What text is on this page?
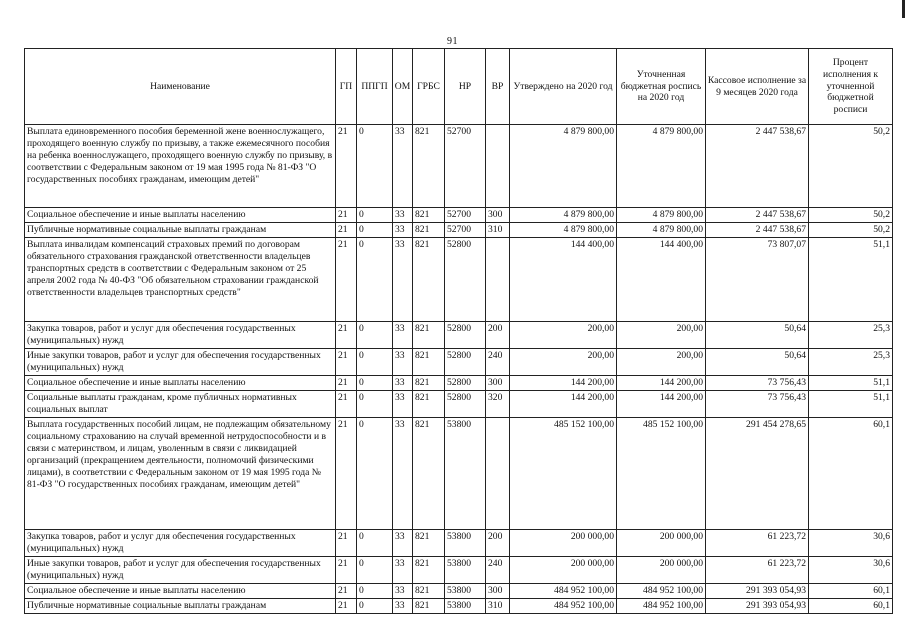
91
Наименование	ГП	ППГП	ОМ	ГРБС	НР	ВР	Утверждено на 2020 год	Уточненная бюджетная роспись на 2020 год	Кассовое исполнение за 9 месяцев 2020 года	Процент исполнения к уточненной бюджетной росписи
Выплата единовременного пособия беременной жене военнослужащего, проходящего военную службу по призыву, а также ежемесячного пособия на ребенка военнослужащего, проходящего военную службу по призыву, в соответствии с Федеральным законом от 19 мая 1995 года № 81-ФЗ "О государственных пособиях гражданам, имеющим детей"	21	0	33	821	52700		4 879 800,00	4 879 800,00	2 447 538,67	50,2
Социальное обеспечение и иные выплаты населению	21	0	33	821	52700	300	4 879 800,00	4 879 800,00	2 447 538,67	50,2
Публичные нормативные социальные выплаты гражданам	21	0	33	821	52700	310	4 879 800,00	4 879 800,00	2 447 538,67	50,2
Выплата инвалидам компенсаций страховых премий по договорам обязательного страхования гражданской ответственности владельцев транспортных средств в соответствии с Федеральным законом от 25 апреля 2002 года № 40-ФЗ "Об обязательном страховании гражданской ответственности владельцев транспортных средств"	21	0	33	821	52800		144 400,00	144 400,00	73 807,07	51,1
Закупка товаров, работ и услуг для обеспечения государственных (муниципальных) нужд	21	0	33	821	52800	200	200,00	200,00	50,64	25,3
Иные закупки товаров, работ и услуг для обеспечения государственных (муниципальных) нужд	21	0	33	821	52800	240	200,00	200,00	50,64	25,3
Социальное обеспечение и иные выплаты населению	21	0	33	821	52800	300	144 200,00	144 200,00	73 756,43	51,1
Социальные выплаты гражданам, кроме публичных нормативных социальных выплат	21	0	33	821	52800	320	144 200,00	144 200,00	73 756,43	51,1
Выплата государственных пособий лицам, не подлежащим обязательному социальному страхованию на случай временной нетрудоспособности и в связи с материнством, и лицам, уволенным в связи с ликвидацией организаций (прекращением деятельности, полномочий физическими лицами), в соответствии с Федеральным законом от 19 мая 1995 года № 81-ФЗ "О государственных пособиях гражданам, имеющим детей"	21	0	33	821	53800		485 152 100,00	485 152 100,00	291 454 278,65	60,1
Закупка товаров, работ и услуг для обеспечения государственных (муниципальных) нужд	21	0	33	821	53800	200	200 000,00	200 000,00	61 223,72	30,6
Иные закупки товаров, работ и услуг для обеспечения государственных (муниципальных) нужд	21	0	33	821	53800	240	200 000,00	200 000,00	61 223,72	30,6
Социальное обеспечение и иные выплаты населению	21	0	33	821	53800	300	484 952 100,00	484 952 100,00	291 393 054,93	60,1
Публичные нормативные социальные выплаты гражданам	21	0	33	821	53800	310	484 952 100,00	484 952 100,00	291 393 054,93	60,1
